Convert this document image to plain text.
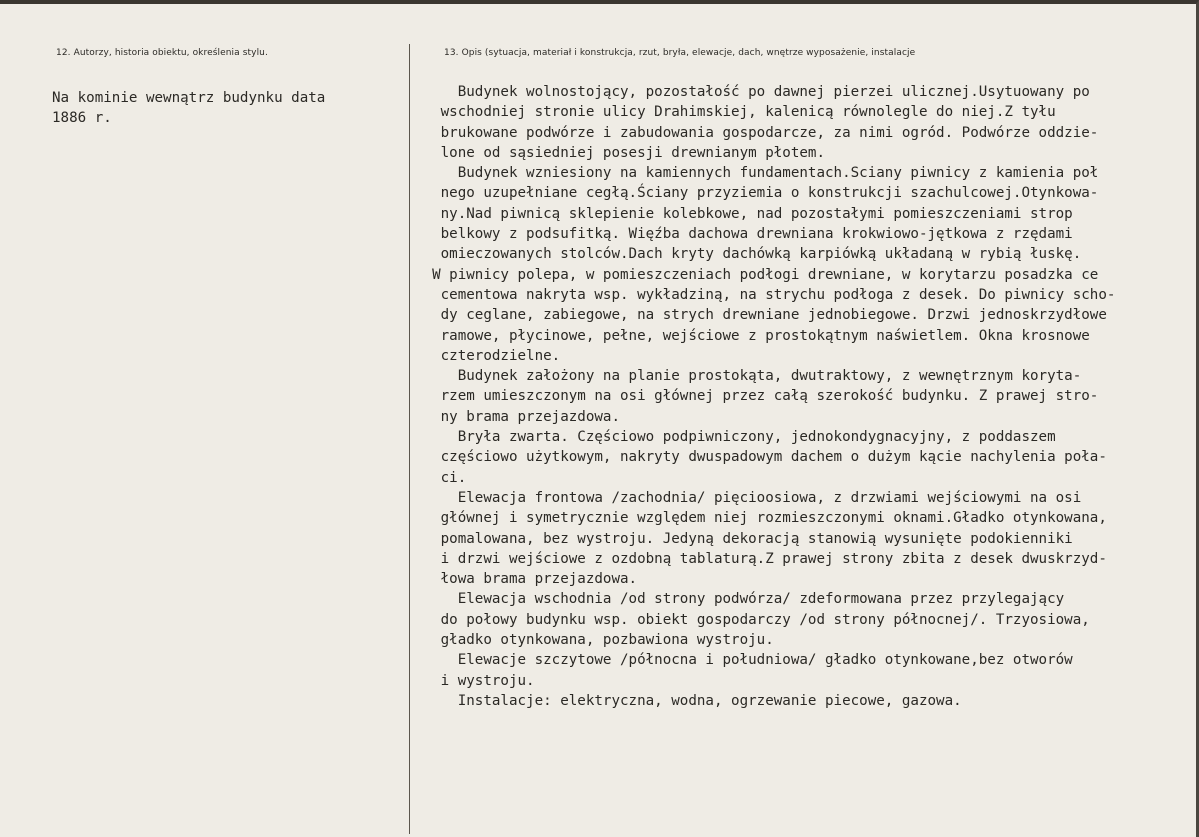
12. Autorzy, historia obiektu, określenia stylu.	13. Opis (sytuacja, materiał i konstrukcja, rzut, bryła, elewacje, dach, wnętrze wyposażenie, instalacje
Na kominie wewnątrz budynku data
1886 r.
Budynek wolnostojący, pozostałość po dawnej pierzei ulicznej.Usytuowany po
wschodniej stronie ulicy Drahimskiej, kalenicą równolegle do niej.Z tyłu
brukowane podwórze i zabudowania gospodarcze, za nimi ogród. Podwórze oddzie-
lone od sąsiedniej posesji drewnianym płotem.
Budynek wzniesiony na kamiennych fundamentach.Sciany piwnicy z kamienia poł
nego uzupełniane cegłą.Ściany przyziemia o konstrukcji szachulcowej.Otynkowa-
ny.Nad piwnicą sklepienie kolebkowe, nad pozostałymi pomieszczeniami strop
belkowy z podsufitką. Więźba dachowa drewniana krokwiowo-jętkowa z rzędami
omieczowanych stolców.Dach kryty dachówką karpiówką układaną w rybią łuskę.
W piwnicy polepa, w pomieszczeniach podłogi drewniane, w korytarzu posadzka ce
cementowa nakryta wsp. wykładziną, na strychu podłoga z desek. Do piwnicy scho-
dy ceglane, zabiegowe, na strych drewniane jednobiegowe. Drzwi jednoskrzydłowe
ramowe, płycinowe, pełne, wejściowe z prostokątnym naświetlem. Okna krosnowe
czterodzielne.
Budynek założony na planie prostokąta, dwutraktowy, z wewnętrznym koryta-
rzem umieszczonym na osi głównej przez całą szerokość budynku. Z prawej stro-
ny brama przejazdowa.
Bryła zwarta. Częściowo podpiwniczony, jednokondygnacyjny, z poddaszem
częściowo użytkowym, nakryty dwuspadowym dachem o dużym kącie nachylenia poła-
ci.
Elewacja frontowa /zachodnia/ pięcioosiowa, z drzwiami wejściowymi na osi
głównej i symetrycznie względem niej rozmieszczonymi oknami.Gładko otynkowana,
pomalowana, bez wystroju. Jedyną dekoracją stanowią wysunięte podokienniki
i drzwi wejściowe z ozdobną tablaturą.Z prawej strony zbita z desek dwuskrzyd-
łowa brama przejazdowa.
Elewacja wschodnia /od strony podwórza/ zdeformowana przez przylegający
do połowy budynku wsp. obiekt gospodarczy /od strony północnej/. Trzyosiowa,
gładko otynkowana, pozbawiona wystroju.
Elewacje szczytowe /północna i południowa/ gładko otynkowane,bez otworów
i wystroju.
Instalacje: elektryczna, wodna, ogrzewanie piecowe, gazowa.
